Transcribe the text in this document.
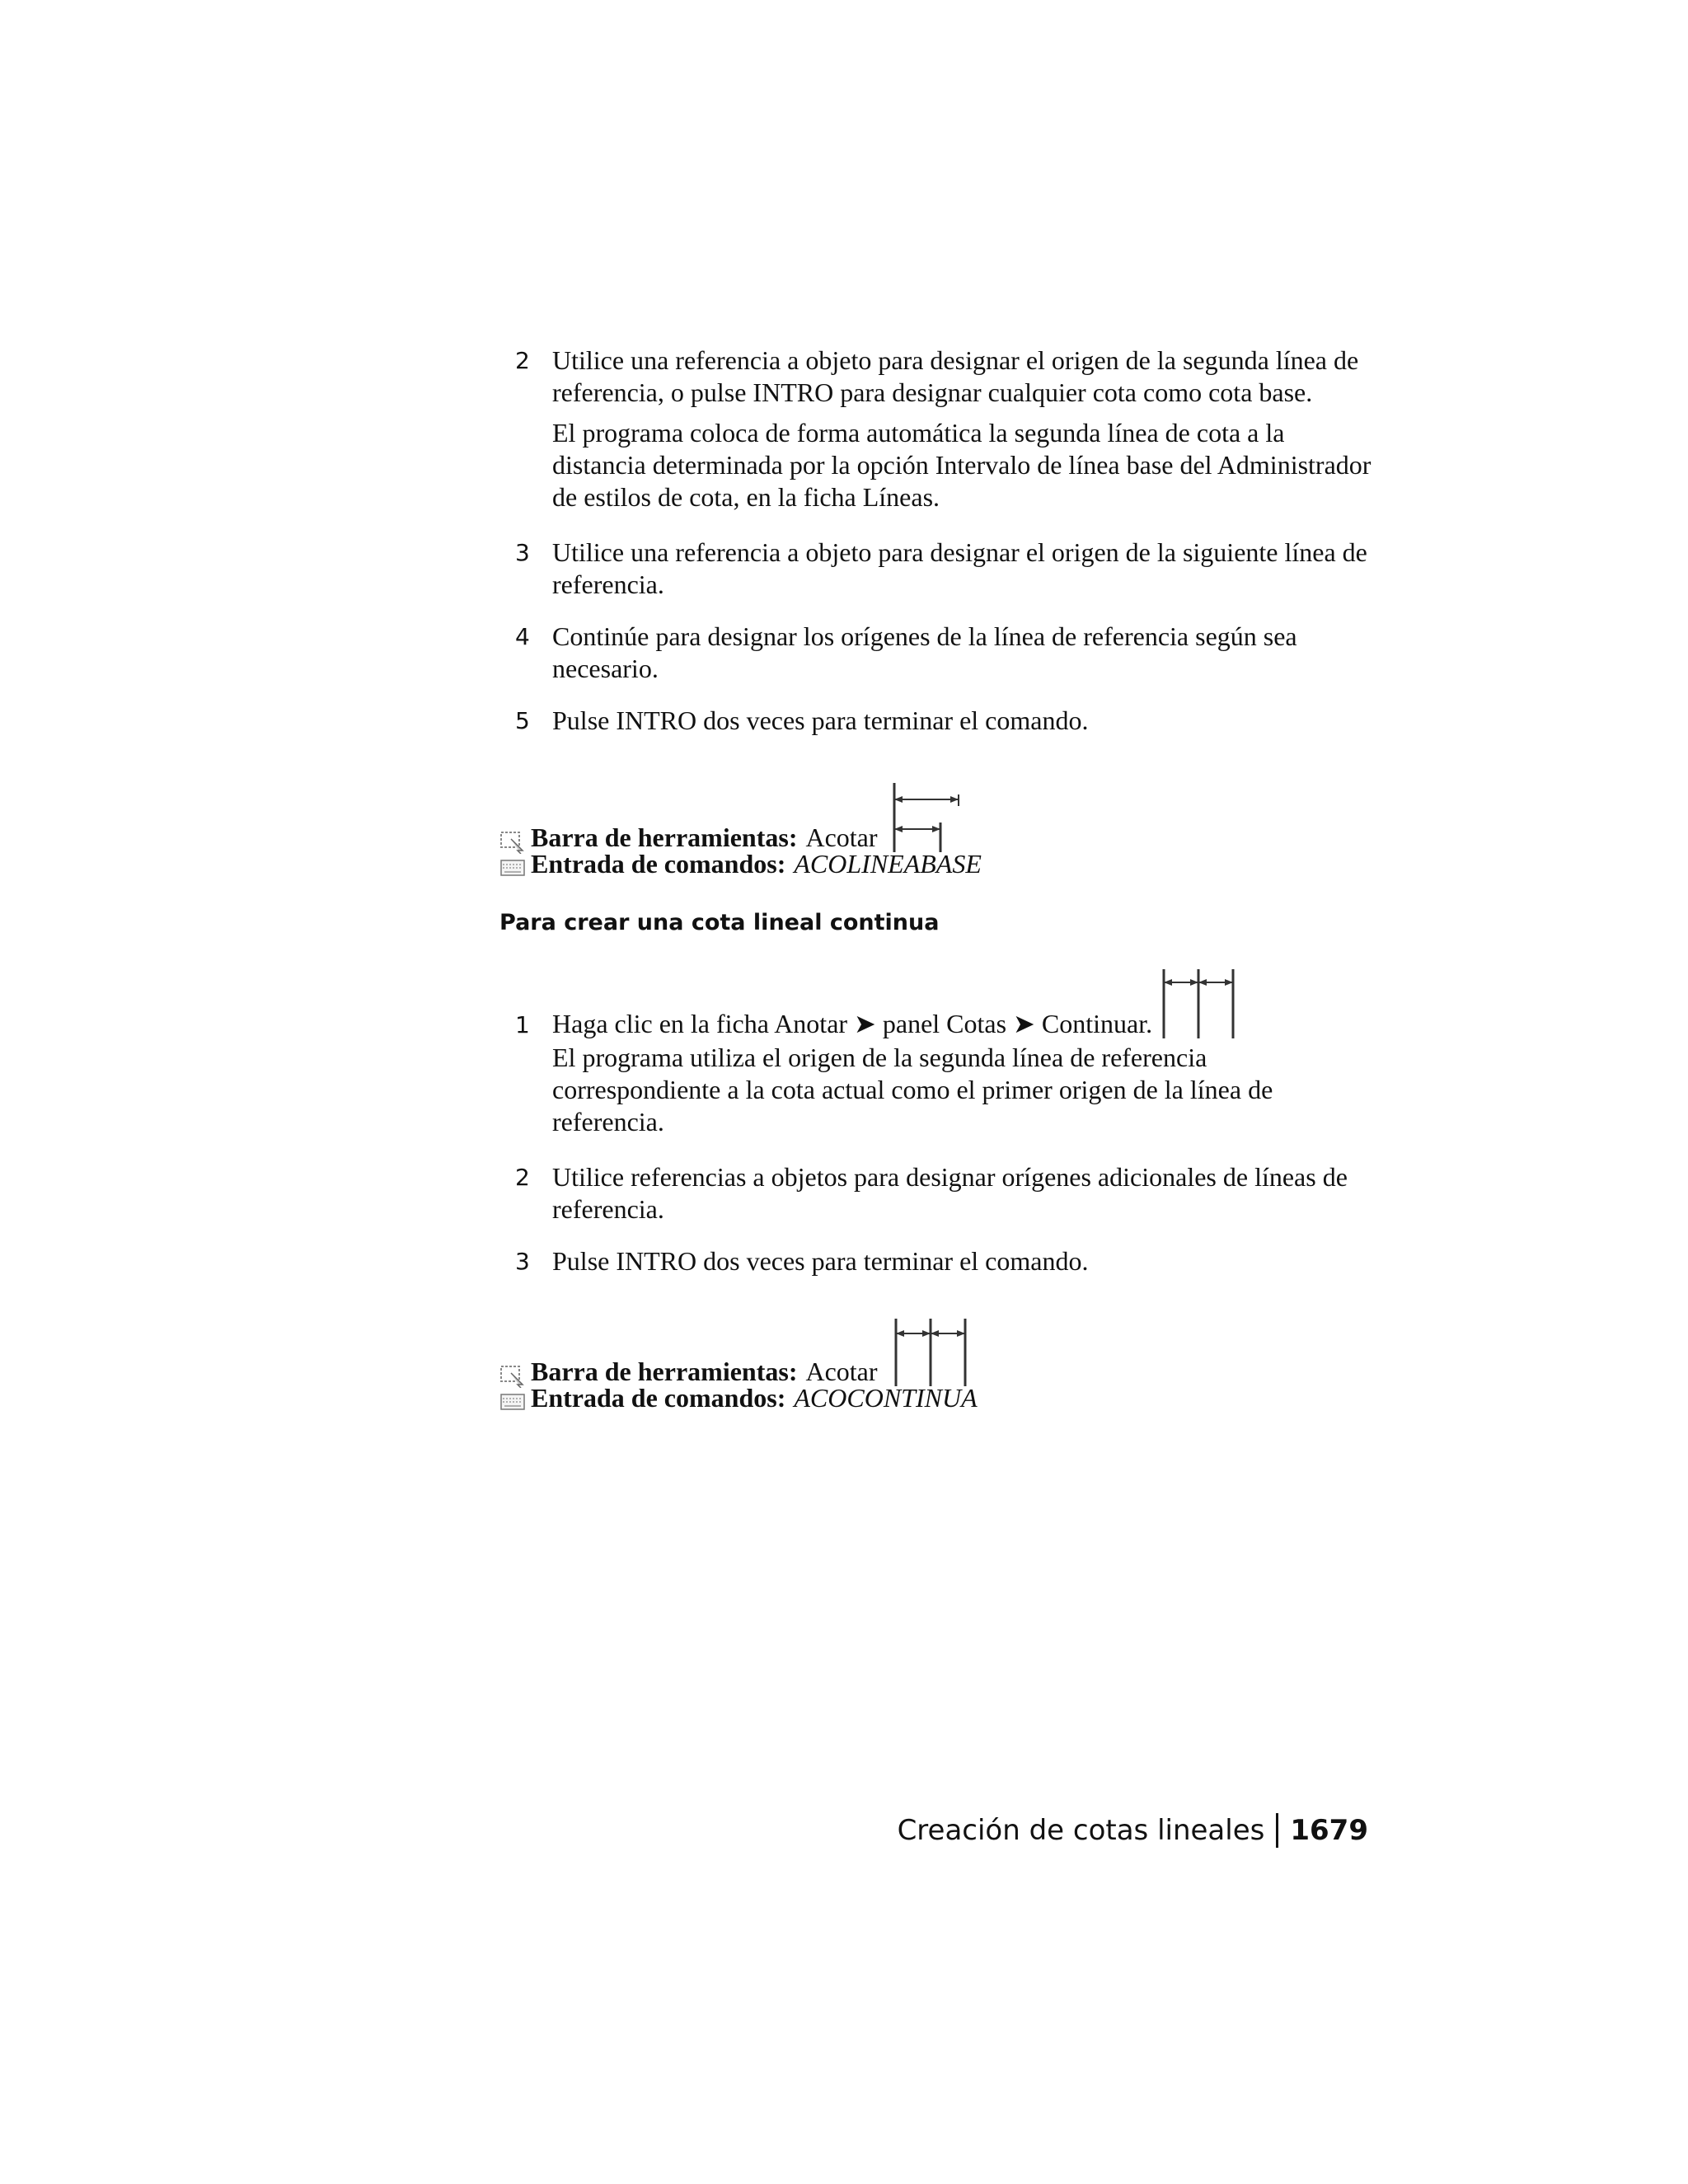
2 Utilice una referencia a objeto para designar el origen de la segunda línea de referencia, o pulse INTRO para designar cualquier cota como cota base.

El programa coloca de forma automática la segunda línea de cota a la distancia determinada por la opción Intervalo de línea base del Administrador de estilos de cota, en la ficha Líneas.

3 Utilice una referencia a objeto para designar el origen de la siguiente línea de referencia.

4 Continúe para designar los orígenes de la línea de referencia según sea necesario.

5 Pulse INTRO dos veces para terminar el comando.

Barra de herramientas: Acotar
Entrada de comandos: ACOLINEABASE
Para crear una cota lineal continua
1 Haga clic en la ficha Anotar ➤ panel Cotas ➤ Continuar.

El programa utiliza el origen de la segunda línea de referencia correspondiente a la cota actual como el primer origen de la línea de referencia.

2 Utilice referencias a objetos para designar orígenes adicionales de líneas de referencia.

3 Pulse INTRO dos veces para terminar el comando.

Barra de herramientas: Acotar
Entrada de comandos: ACOCONTINUA
Creación de cotas lineales 1679
